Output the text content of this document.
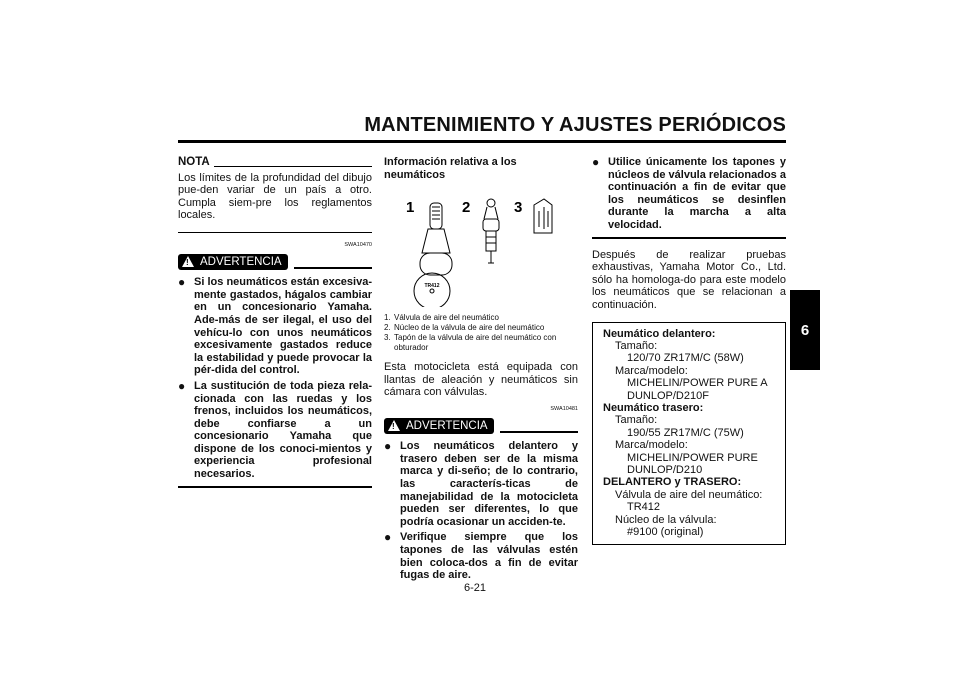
MANTENIMIENTO Y AJUSTES PERIÓDICOS
6
NOTA
Los límites de la profundidad del dibujo pue-den variar de un país a otro. Cumpla siem-pre los reglamentos locales.
SWA10470
! ADVERTENCIA
● Si los neumáticos están excesiva-mente gastados, hágalos cambiar en un concesionario Yamaha. Ade-más de ser ilegal, el uso del vehícu-lo con unos neumáticos excesivamente gastados reduce la estabilidad y puede provocar la pér-dida del control.
● La sustitución de toda pieza rela-cionada con las ruedas y los frenos, incluidos los neumáticos, debe confiarse a un concesionario Yamaha que dispone de los conoci-mientos y experiencia profesional necesarios.
Información relativa a los neumáticos
1	2	3
TR412
1. Válvula de aire del neumático
2. Núcleo de la válvula de aire del neumático
3. Tapón de la válvula de aire del neumático con obturador
Esta motocicleta está equipada con llantas de aleación y neumáticos sin cámara con válvulas.
SWA10481
! ADVERTENCIA
● Los neumáticos delantero y trasero deben ser de la misma marca y di-seño; de lo contrario, las caracterís-ticas de manejabilidad de la motocicleta pueden ser diferentes, lo que podría ocasionar un acciden-te.
● Verifique siempre que los tapones de las válvulas estén bien coloca-dos a fin de evitar fugas de aire.
● Utilice únicamente los tapones y núcleos de válvula relacionados a continuación a fin de evitar que los neumáticos se desinflen durante la marcha a alta velocidad.
Después de realizar pruebas exhaustivas, Yamaha Motor Co., Ltd. sólo ha homologa-do para este modelo los neumáticos que se relacionan a continuación.
Neumático delantero:
Tamaño:
120/70 ZR17M/C (58W)
Marca/modelo:
MICHELIN/POWER PURE A
DUNLOP/D210F
Neumático trasero:
Tamaño:
190/55 ZR17M/C (75W)
Marca/modelo:
MICHELIN/POWER PURE
DUNLOP/D210
DELANTERO y TRASERO:
Válvula de aire del neumático:
TR412
Núcleo de la válvula:
#9100 (original)
6-21
